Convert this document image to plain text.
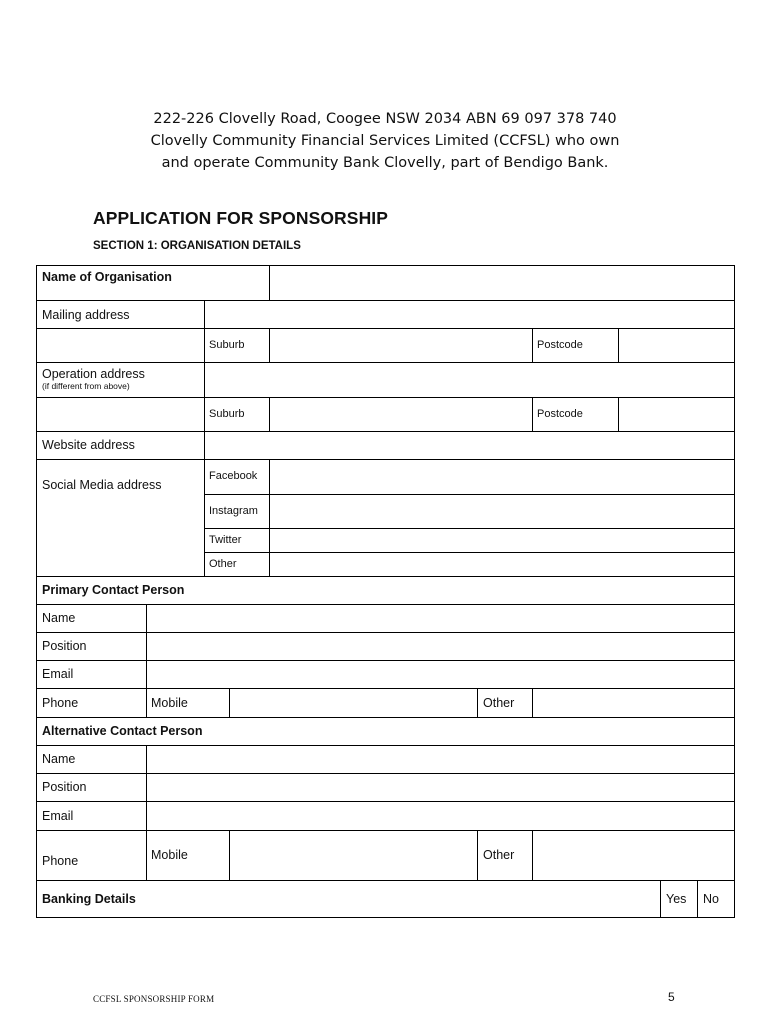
222-226 Clovelly Road, Coogee NSW 2034 ABN 69 097 378 740
Clovelly Community Financial Services Limited (CCFSL) who own
and operate Community Bank Clovelly, part of Bendigo Bank.
APPLICATION FOR SPONSORSHIP
SECTION 1: ORGANISATION DETAILS
Name of Organisation
Mailing address
Suburb	Postcode
Operation address
(if different from above)
Suburb	Postcode
Website address
Social Media address
Facebook
Instagram
Twitter
Other
Primary Contact Person
Name
Position
Email
Phone	Mobile	Other
Alternative Contact Person
Name
Position
Email
Phone	Mobile	Other
Banking Details	Yes No
CCFSL SPONSORSHIP FORM	5
